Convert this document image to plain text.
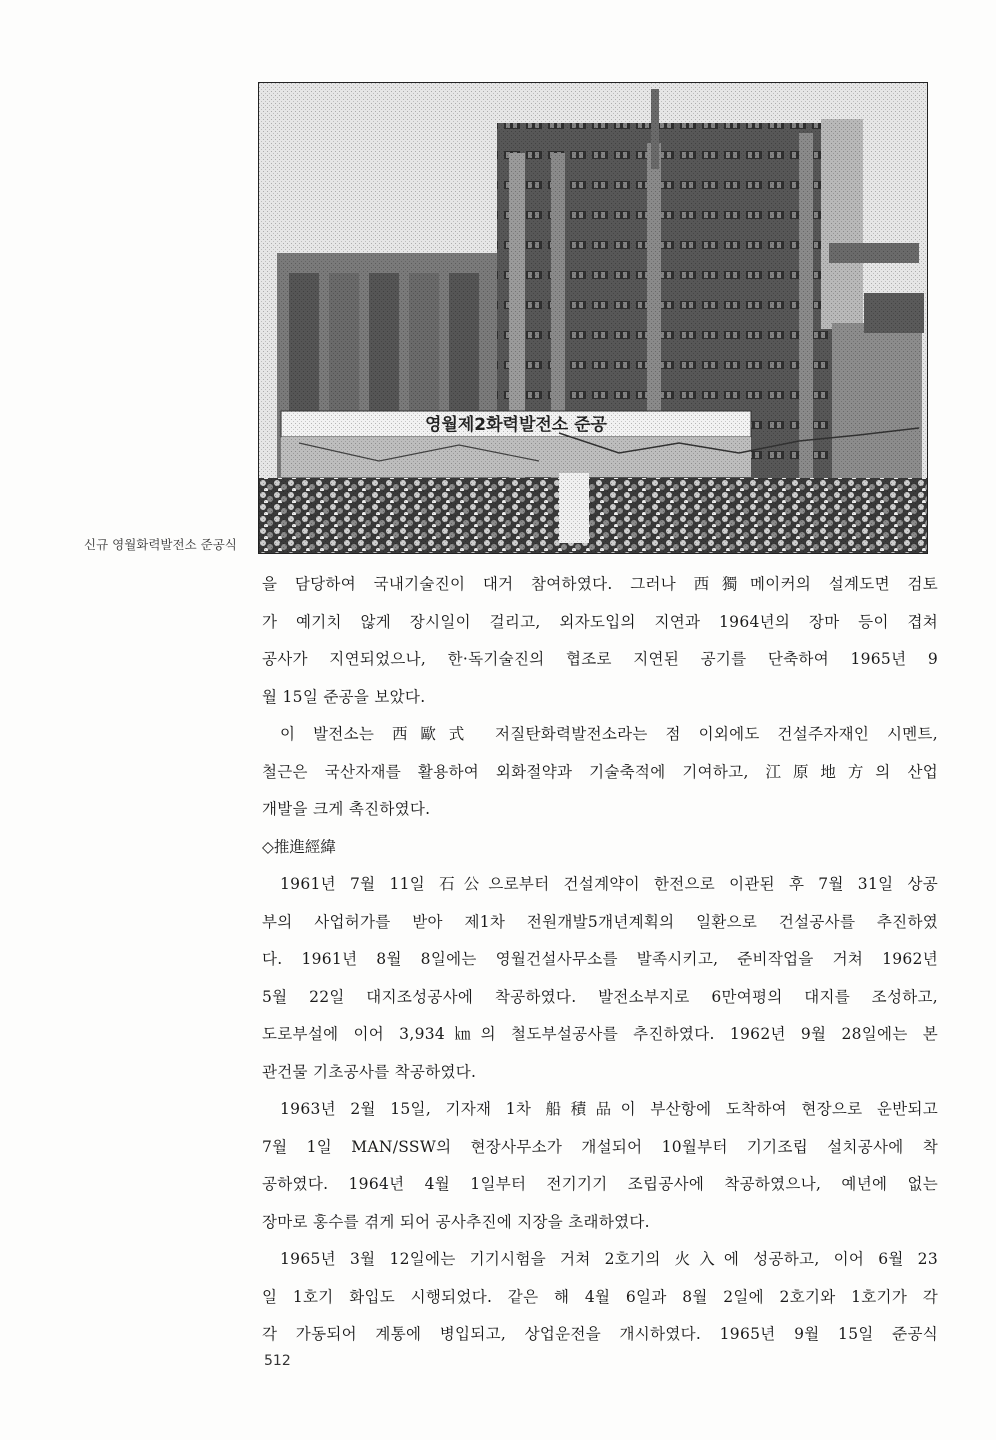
신규 영월화력발전소 준공식
을 담당하여 국내기술진이 대거 참여하였다. 그러나 西獨메이커의 설계도면 검토
가 예기치 않게 장시일이 걸리고, 외자도입의 지연과 1964년의 장마 등이 겹쳐
공사가 지연되었으나, 한·독기술진의 협조로 지연된 공기를 단축하여 1965년 9
월 15일 준공을 보았다.
이 발전소는 西歐式 저질탄화력발전소라는 점 이외에도 건설주자재인 시멘트,
철근은 국산자재를 활용하여 외화절약과 기술축적에 기여하고, 江原地方의 산업
개발을 크게 촉진하였다.
◇推進經緯
1961년 7월 11일 石公으로부터 건설계약이 한전으로 이관된 후 7월 31일 상공
부의 사업허가를 받아 제1차 전원개발5개년계획의 일환으로 건설공사를 추진하였
다. 1961년 8월 8일에는 영월건설사무소를 발족시키고, 준비작업을 거쳐 1962년
5월 22일 대지조성공사에 착공하였다. 발전소부지로 6만여평의 대지를 조성하고,
도로부설에 이어 3,934㎞의 철도부설공사를 추진하였다. 1962년 9월 28일에는 본
관건물 기초공사를 착공하였다.
1963년 2월 15일, 기자재 1차 船積品이 부산항에 도착하여 현장으로 운반되고
7월 1일 MAN/SSW의 현장사무소가 개설되어 10월부터 기기조립 설치공사에 착
공하였다. 1964년 4월 1일부터 전기기기 조립공사에 착공하였으나, 예년에 없는
장마로 홍수를 겪게 되어 공사추진에 지장을 초래하였다.
1965년 3월 12일에는 기기시험을 거쳐 2호기의 火入에 성공하고, 이어 6월 23
일 1호기 화입도 시행되었다. 같은 해 4월 6일과 8월 2일에 2호기와 1호기가 각
각 가동되어 계통에 병입되고, 상업운전을 개시하였다. 1965년 9월 15일 준공식
512
